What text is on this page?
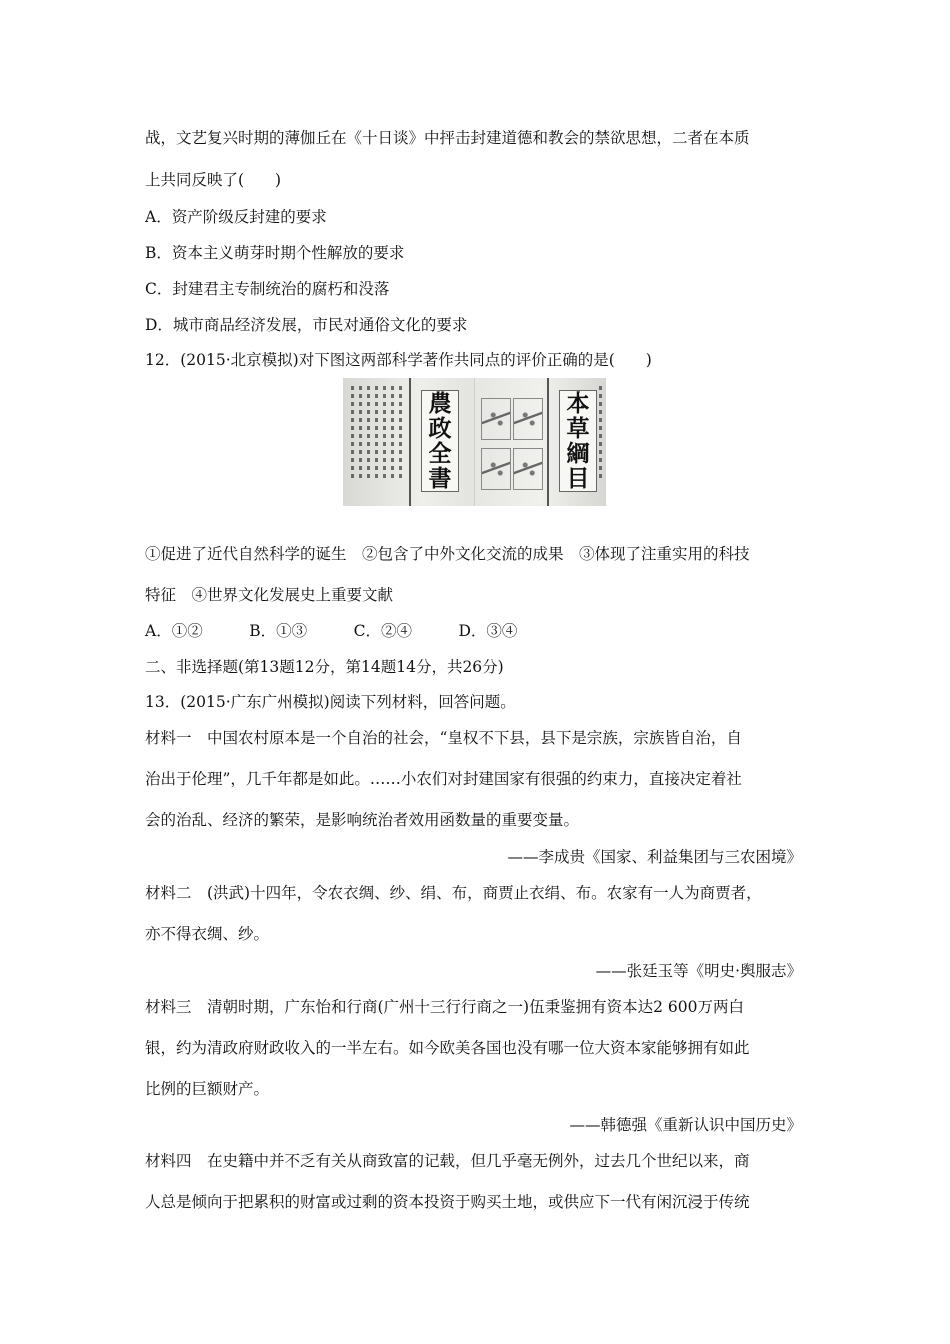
战，文艺复兴时期的薄伽丘在《十日谈》中抨击封建道德和教会的禁欲思想，二者在本质
上共同反映了(　　)
A．资产阶级反封建的要求
B．资本主义萌芽时期个性解放的要求
C．封建君主专制统治的腐朽和没落
D．城市商品经济发展，市民对通俗文化的要求
12．(2015·北京模拟)对下图这两部科学著作共同点的评价正确的是(　　)
農
政
全
書
本
草
綱
目
①促进了近代自然科学的诞生　②包含了中外文化交流的成果　③体现了注重实用的科技
特征　④世界文化发展史上重要文献
A．①②　　　B．①③　　　C．②④　　　D．③④
二、非选择题(第13题12分，第14题14分，共26分)
13．(2015·广东广州模拟)阅读下列材料，回答问题。
材料一　中国农村原本是一个自治的社会，“皇权不下县，县下是宗族，宗族皆自治，自
治出于伦理”，几千年都是如此。……小农们对封建国家有很强的约束力，直接决定着社
会的治乱、经济的繁荣，是影响统治者效用函数量的重要变量。
——李成贵《国家、利益集团与三农困境》
材料二　(洪武)十四年，令农衣绸、纱、绢、布，商贾止衣绢、布。农家有一人为商贾者，
亦不得衣绸、纱。
——张廷玉等《明史·舆服志》
材料三　清朝时期，广东怡和行商(广州十三行行商之一)伍秉鉴拥有资本达2 600万两白
银，约为清政府财政收入的一半左右。如今欧美各国也没有哪一位大资本家能够拥有如此
比例的巨额财产。
——韩德强《重新认识中国历史》
材料四　在史籍中并不乏有关从商致富的记载，但几乎毫无例外，过去几个世纪以来，商
人总是倾向于把累积的财富或过剩的资本投资于购买土地，或供应下一代有闲沉浸于传统
